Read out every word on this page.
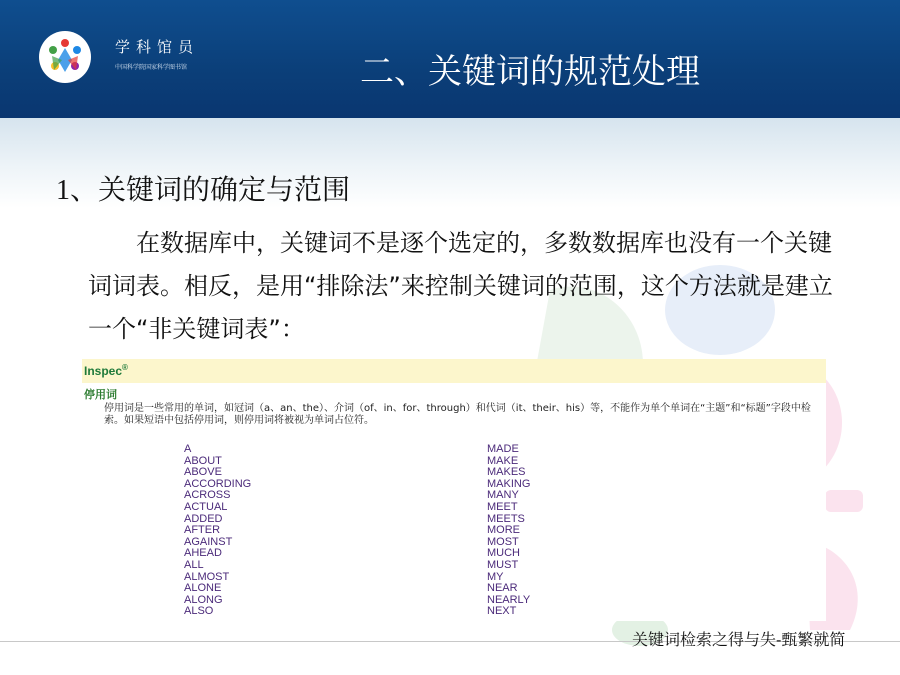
学科馆员
中国科学院国家科学图书馆	二、关键词的规范处理
1、关键词的确定与范围
在数据库中，关键词不是逐个选定的，多数数据库也没有一个关键词词表。相反，是用“排除法”来控制关键词的范围，这个方法就是建立一个“非关键词表”：
Inspec®
停用词
停用词是一些常用的单词，如冠词（a、an、the）、介词（of、in、for、through）和代词（it、their、his）等，不能作为单个单词在“主题”和“标题”字段中检索。如果短语中包括停用词，则停用词将被视为单词占位符。
A
ABOUT
ABOVE
ACCORDING
ACROSS
ACTUAL
ADDED
AFTER
AGAINST
AHEAD
ALL
ALMOST
ALONE
ALONG
ALSO
MADE
MAKE
MAKES
MAKING
MANY
MEET
MEETS
MORE
MOST
MUCH
MUST
MY
NEAR
NEARLY
NEXT
关键词检索之得与失-甄繁就简
